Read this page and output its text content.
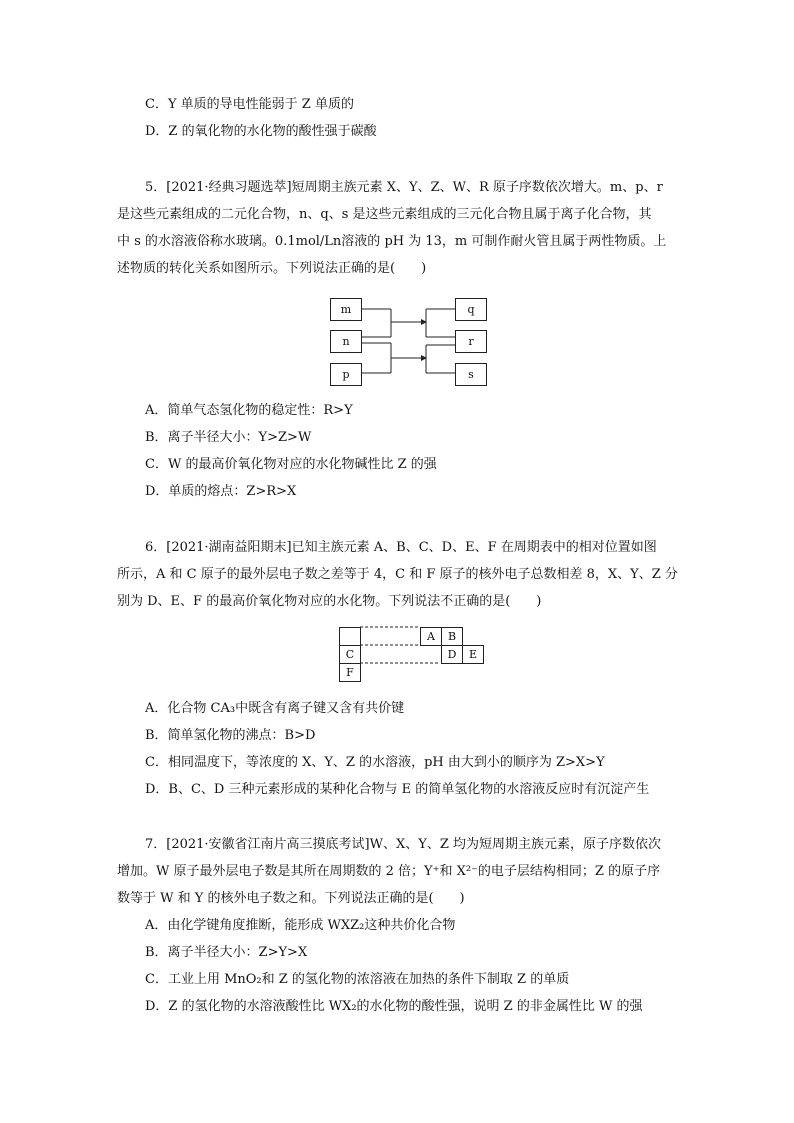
C．Y 单质的导电性能弱于 Z 单质的
D．Z 的氧化物的水化物的酸性强于碳酸
5．[2021·经典习题选萃]短周期主族元素 X、Y、Z、W、R 原子序数依次增大。m、p、r
是这些元素组成的二元化合物，n、q、s 是这些元素组成的三元化合物且属于离子化合物，其
中 s 的水溶液俗称水玻璃。0.1mol/Ln溶液的 pH 为 13，m 可制作耐火管且属于两性物质。上
述物质的转化关系如图所示。下列说法正确的是(　　)
m
n
p
q
r
s
A．简单气态氢化物的稳定性：R>Y
B．离子半径大小：Y>Z>W
C．W 的最高价氧化物对应的水化物碱性比 Z 的强
D．单质的熔点：Z>R>X
6．[2021·湖南益阳期末]已知主族元素 A、B、C、D、E、F 在周期表中的相对位置如图
所示，A 和 C 原子的最外层电子数之差等于 4，C 和 F 原子的核外电子总数相差 8，X、Y、Z 分
别为 D、E、F 的最高价氧化物对应的水化物。下列说法不正确的是(　　)
A	B
C	D	E
F
A．化合物 CA₃中既含有离子键又含有共价键
B．简单氢化物的沸点：B>D
C．相同温度下，等浓度的 X、Y、Z 的水溶液，pH 由大到小的顺序为 Z>X>Y
D．B、C、D 三种元素形成的某种化合物与 E 的简单氢化物的水溶液反应时有沉淀产生
7．[2021·安徽省江南片高三摸底考试]W、X、Y、Z 均为短周期主族元素，原子序数依次
增加。W 原子最外层电子数是其所在周期数的 2 倍；Y⁺和 X²⁻的电子层结构相同；Z 的原子序
数等于 W 和 Y 的核外电子数之和。下列说法正确的是(　　)
A．由化学键角度推断，能形成 WXZ₂这种共价化合物
B．离子半径大小：Z>Y>X
C．工业上用 MnO₂和 Z 的氢化物的浓溶液在加热的条件下制取 Z 的单质
D．Z 的氢化物的水溶液酸性比 WX₂的水化物的酸性强，说明 Z 的非金属性比 W 的强
